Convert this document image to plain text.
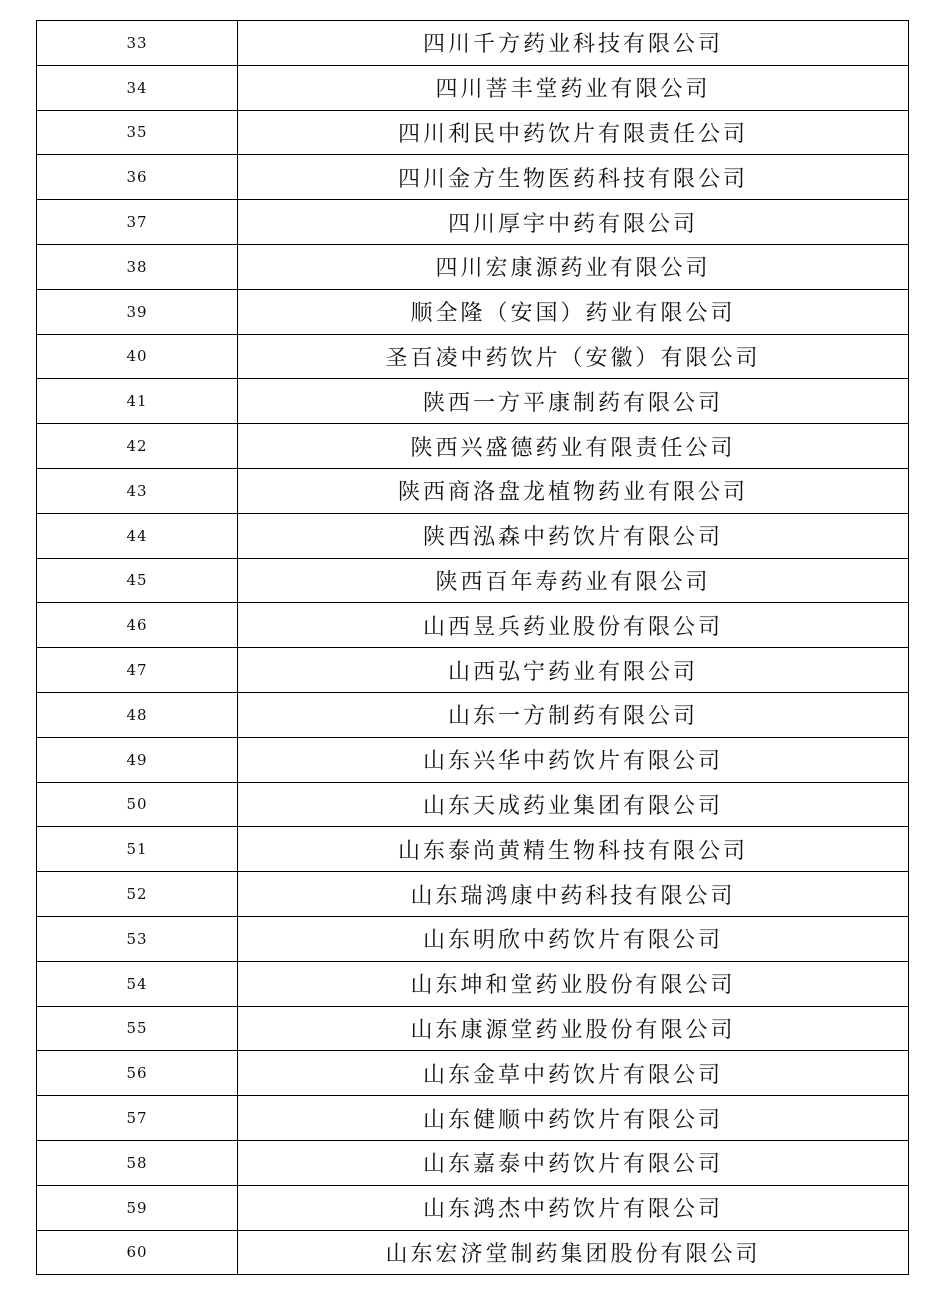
33	四川千方药业科技有限公司
34	四川菩丰堂药业有限公司
35	四川利民中药饮片有限责任公司
36	四川金方生物医药科技有限公司
37	四川厚宇中药有限公司
38	四川宏康源药业有限公司
39	顺全隆（安国）药业有限公司
40	圣百凌中药饮片（安徽）有限公司
41	陕西一方平康制药有限公司
42	陕西兴盛德药业有限责任公司
43	陕西商洛盘龙植物药业有限公司
44	陕西泓森中药饮片有限公司
45	陕西百年寿药业有限公司
46	山西昱兵药业股份有限公司
47	山西弘宁药业有限公司
48	山东一方制药有限公司
49	山东兴华中药饮片有限公司
50	山东天成药业集团有限公司
51	山东泰尚黄精生物科技有限公司
52	山东瑞鸿康中药科技有限公司
53	山东明欣中药饮片有限公司
54	山东坤和堂药业股份有限公司
55	山东康源堂药业股份有限公司
56	山东金草中药饮片有限公司
57	山东健顺中药饮片有限公司
58	山东嘉泰中药饮片有限公司
59	山东鸿杰中药饮片有限公司
60	山东宏济堂制药集团股份有限公司
